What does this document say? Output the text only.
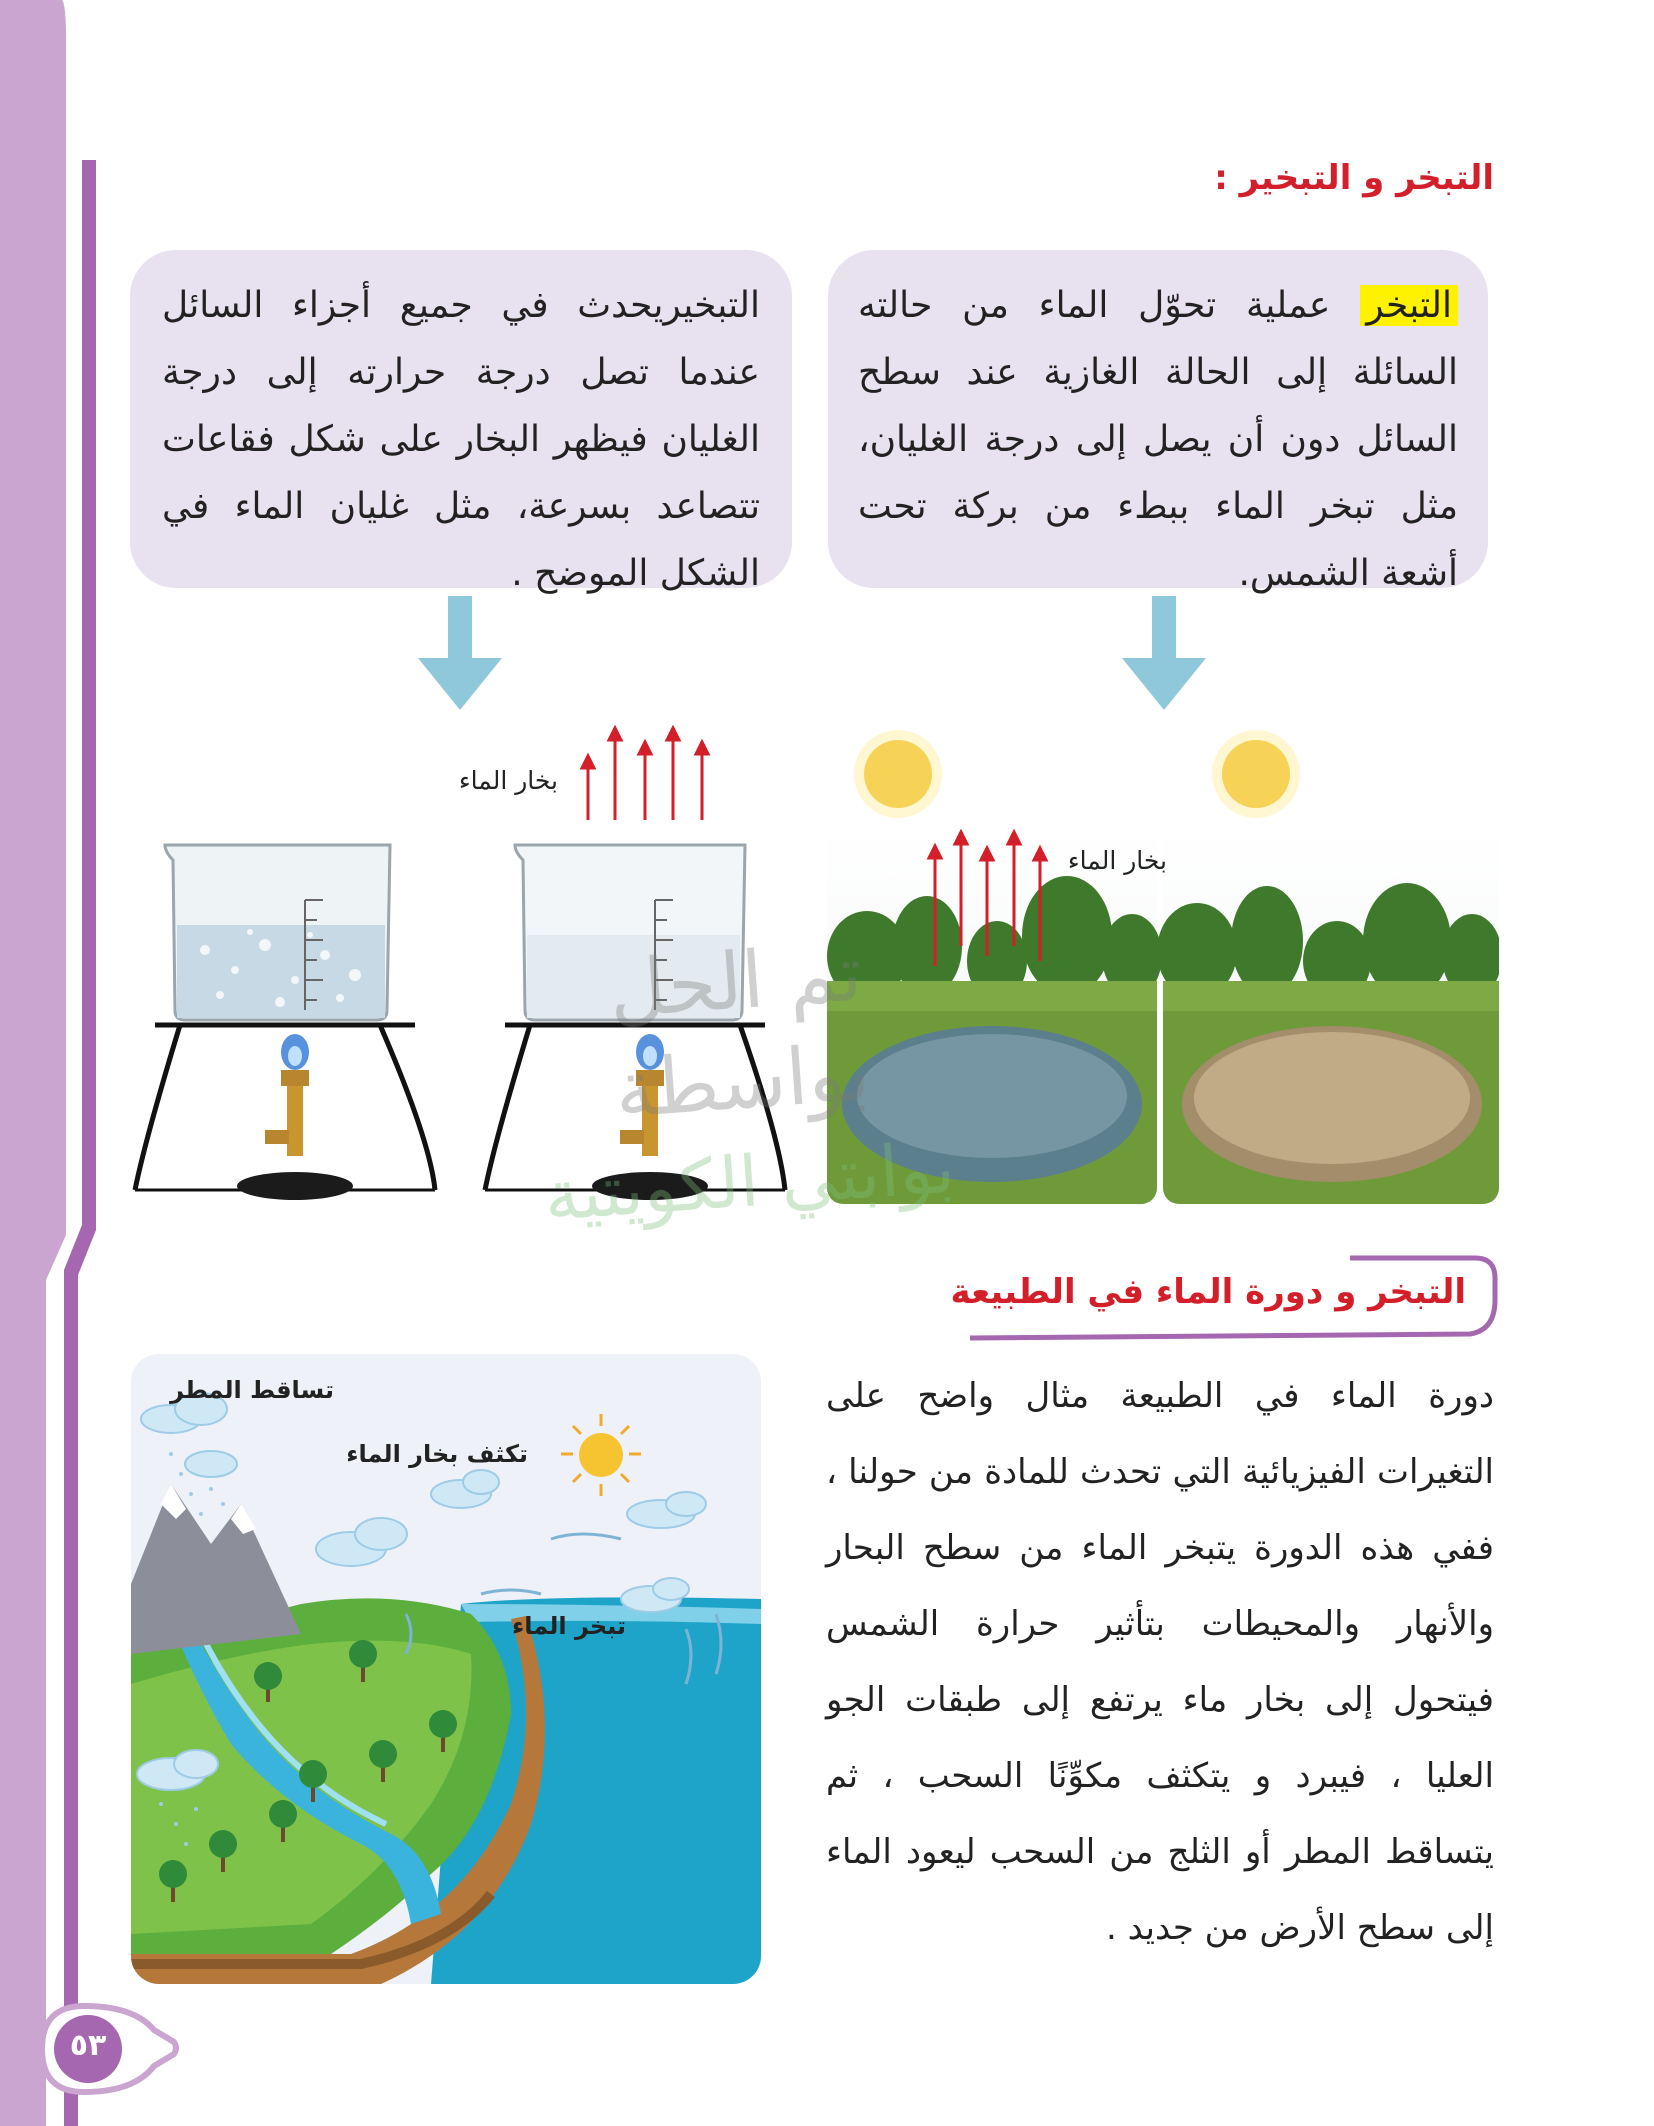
التبخر و التبخير :

التبخر عملية تحوّل الماء من حالته السائلة إلى الحالة الغازية عند سطح السائل دون أن يصل إلى درجة الغليان، مثل تبخر الماء ببطء من بركة تحت أشعة الشمس.

التبخيريحدث في جميع أجزاء السائل عندما تصل درجة حرارته إلى درجة الغليان فيظهر البخار على شكل فقاعات تتصاعد بسرعة، مثل غليان الماء في الشكل الموضح .

بخار الماء
بخار الماء
تم الحل بواسطة
بوابتي الكويتية
التبخر و دورة الماء في الطبيعة

دورة الماء في الطبيعة مثال واضح على التغيرات الفيزيائية التي تحدث للمادة من حولنا ، ففي هذه الدورة يتبخر الماء من سطح البحار والأنهار والمحيطات بتأثير حرارة الشمس فيتحول إلى بخار ماء يرتفع إلى طبقات الجو العليا ، فيبرد و يتكثف مكوِّنًا السحب ، ثم يتساقط المطر أو الثلج من السحب ليعود الماء إلى سطح الأرض من جديد .

تساقط المطر
تكثف بخار الماء
تبخر الماء
٥٣
